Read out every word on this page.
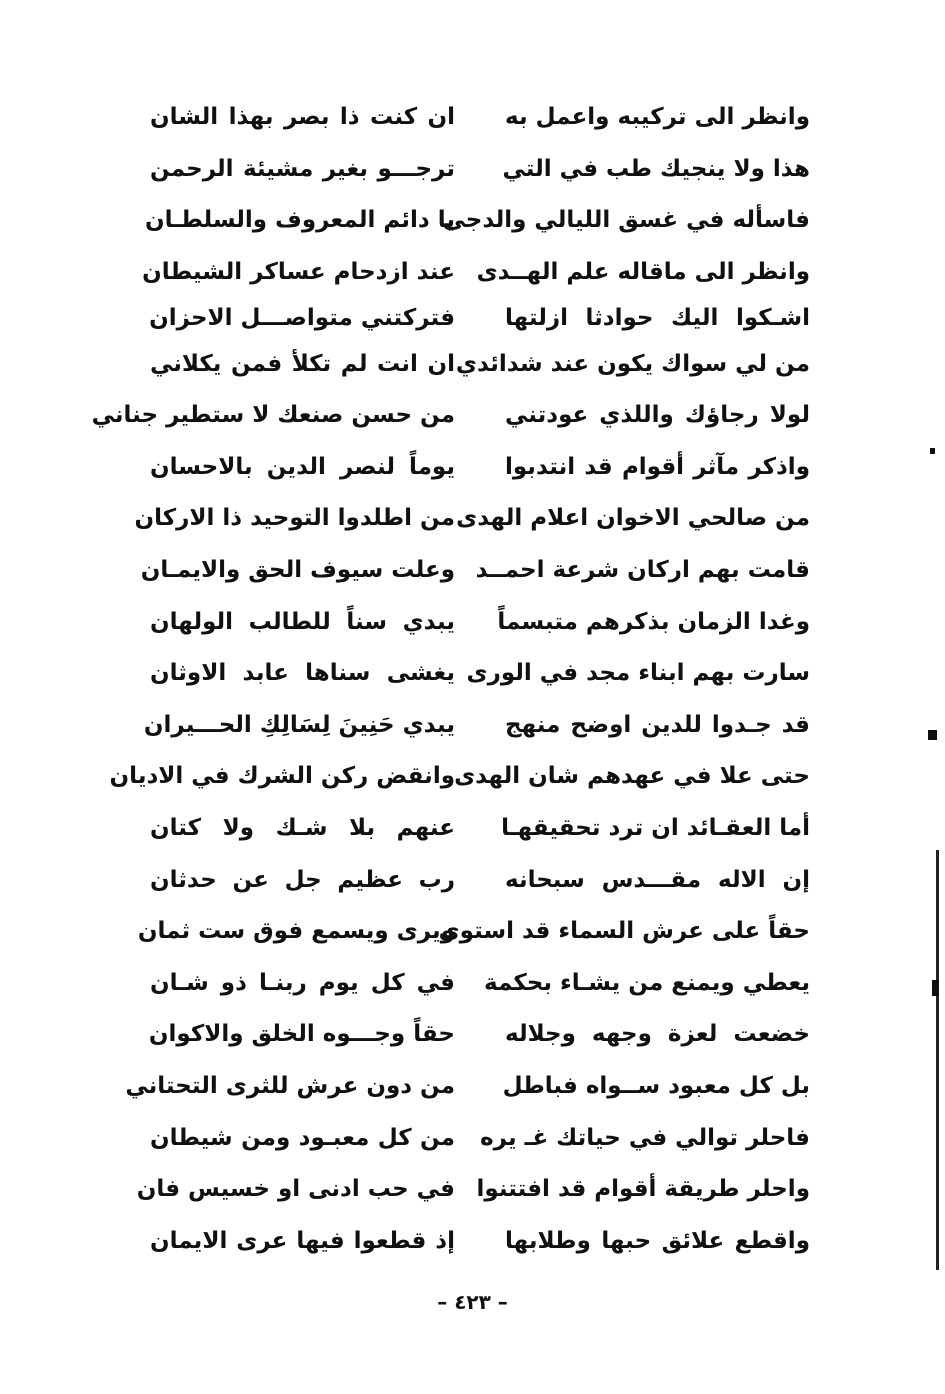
وانظر الى تركيبه واعمل به
ان كنت ذا بصر بهذا الشان
هذا ولا ينجيك طب في التي
ترجـــو بغير مشيئة الرحمن
فاسأله في غسق الليالي والدجى
يا دائم المعروف والسلطـان
وانظر الى ماقاله علم الهــدى
عند ازدحام عساكر الشيطان
اشـكوا اليك حوادثا ازلتها
فتركتني متواصـــل الاحزان
من لي سواك يكون عند شدائدي
ان انت لم تكلأ فمن يكلاني
لولا رجاؤك واللذي عودتني
من حسن صنعك لا ستطير جناني
واذكر مآثر أقوام قد انتدبوا
يوماً لنصر الدين بالاحسان
من صالحي الاخوان اعلام الهدى
من اطلدوا التوحيد ذا الاركان
قامت بهم اركان شرعة احمــد
وعلت سيوف الحق والايمـان
وغدا الزمان بذكرهم متبسماً
يبدي سناً للطالب الولهان
سارت بهم ابناء مجد في الورى
يغشى سناها عابد الاوثان
قد جـدوا للدين اوضح منهج
يبدي حَنِينَ لِسَالِكِ الحـــيران
حتى علا في عهدهم شان الهدى
وانقض ركن الشرك في الاديان
أما العقـائد ان ترد تحقيقهـا
عنهم بلا شـك ولا كتان
إن الاله مقـــدس سبحانه
رب عظيم جل عن حدثان
حقاً على عرش السماء قد استوى
ويرى ويسمع فوق ست ثمان
يعطي ويمنع من يشـاء بحكمة
في كل يوم ربنـا ذو شـان
خضعت لعزة وجهه وجلاله
حقاً وجـــوه الخلق والاكوان
بل كل معبود ســواه فباطل
من دون عرش للثرى التحتاني
فاحلر توالي في حياتك غـ يره
من كل معبـود ومن شيطان
واحلر طريقة أقوام قد افتتنوا
في حب ادنى او خسيس فان
واقطع علائق حبها وطلابها
إذ قطعوا فيها عرى الايمان
– ٤٢٣ –
